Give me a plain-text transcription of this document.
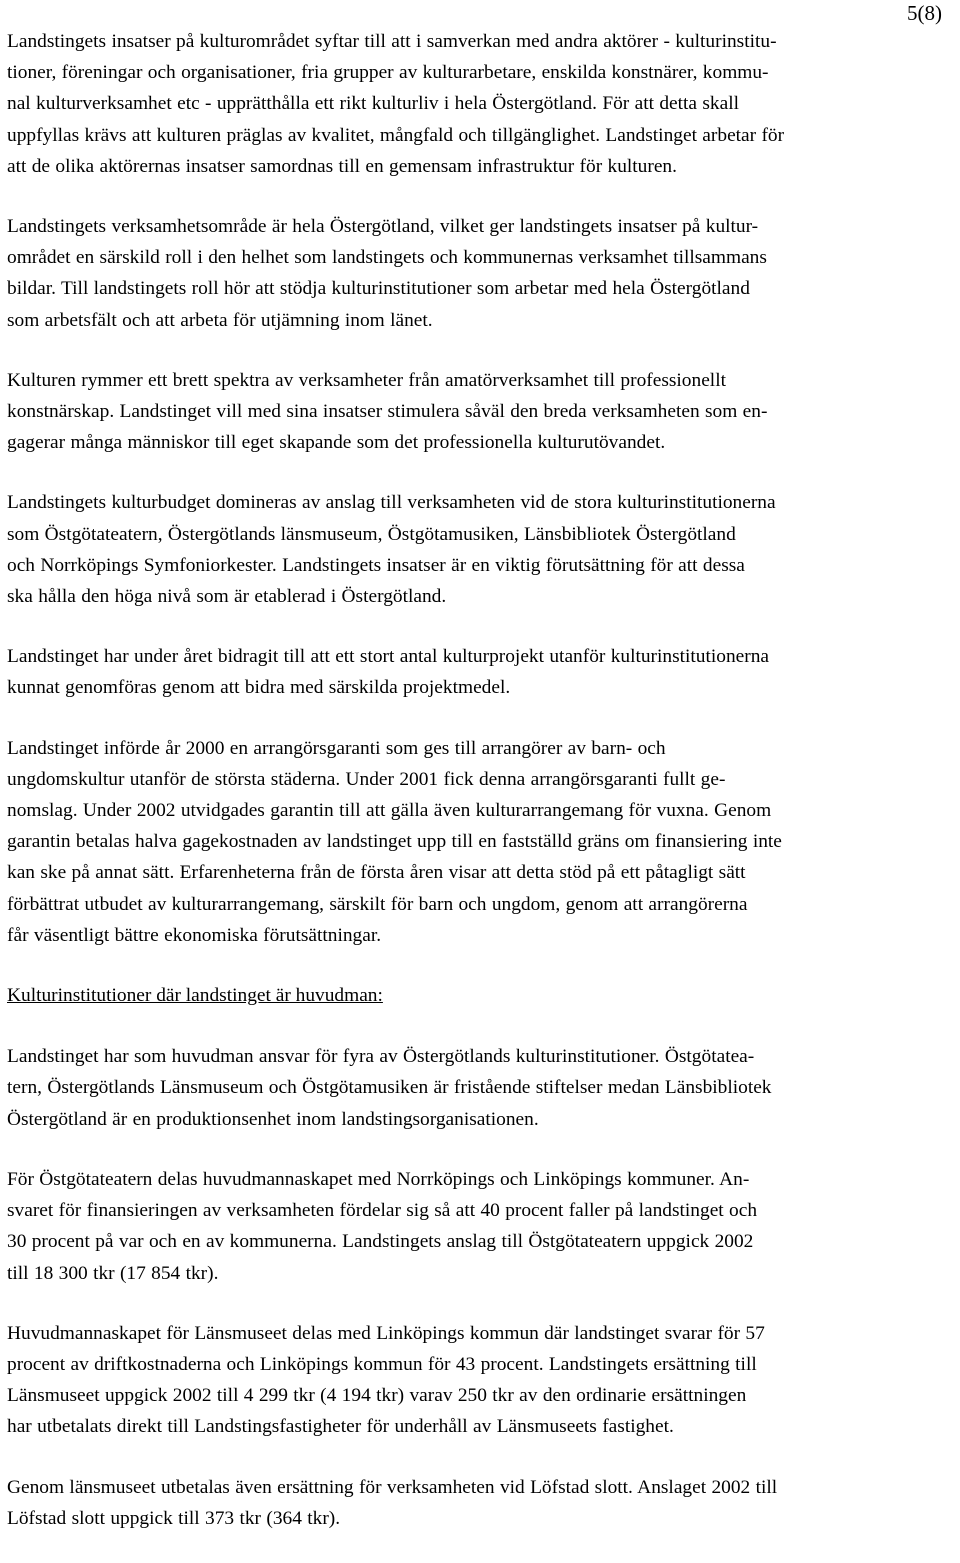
5(8)

Landstingets insatser på kulturområdet syftar till att i samverkan med andra aktörer - kulturinstitu-
tioner, föreningar och organisationer, fria grupper av kulturarbetare, enskilda konstnärer, kommu-
nal kulturverksamhet etc - upprätthålla ett rikt kulturliv i hela Östergötland. För att detta skall
uppfyllas krävs att kulturen präglas av kvalitet, mångfald och tillgänglighet. Landstinget arbetar för
att de olika aktörernas insatser samordnas till en gemensam infrastruktur för kulturen.

Landstingets verksamhetsområde är hela Östergötland, vilket ger landstingets insatser på kultur-
området en särskild roll i den helhet som landstingets och kommunernas verksamhet tillsammans
bildar. Till landstingets roll hör att stödja kulturinstitutioner som arbetar med hela Östergötland
som arbetsfält och att arbeta för utjämning inom länet.

Kulturen rymmer ett brett spektra av verksamheter från amatörverksamhet till professionellt
konstnärskap. Landstinget vill med sina insatser stimulera såväl den breda verksamheten som en-
gagerar många människor till eget skapande som det professionella kulturutövandet.

Landstingets kulturbudget domineras av anslag till verksamheten vid de stora kulturinstitutionerna
som Östgötateatern, Östergötlands länsmuseum, Östgötamusiken, Länsbibliotek Östergötland
och Norrköpings Symfoniorkester. Landstingets insatser är en viktig förutsättning för att dessa
ska hålla den höga nivå som är etablerad i Östergötland.

Landstinget har under året bidragit till att ett stort antal kulturprojekt utanför kulturinstitutionerna
kunnat genomföras genom att bidra med särskilda projektmedel.

Landstinget införde år 2000 en arrangörsgaranti som ges till arrangörer av barn- och
ungdomskultur utanför de största städerna. Under 2001 fick denna arrangörsgaranti fullt ge-
nomslag. Under 2002 utvidgades garantin till att gälla även kulturarrangemang för vuxna. Genom
garantin betalas halva gagekostnaden av landstinget upp till en fastställd gräns om finansiering inte
kan ske på annat sätt. Erfarenheterna från de första åren visar att detta stöd på ett påtagligt sätt
förbättrat utbudet av kulturarrangemang, särskilt för barn och ungdom, genom att arrangörerna
får väsentligt bättre ekonomiska förutsättningar.

Kulturinstitutioner där landstinget är huvudman:

Landstinget har som huvudman ansvar för fyra av Östergötlands kulturinstitutioner. Östgötatea-
tern, Östergötlands Länsmuseum och Östgötamusiken är fristående stiftelser medan Länsbibliotek
Östergötland är en produktionsenhet inom landstingsorganisationen.

För Östgötateatern delas huvudmannaskapet med Norrköpings och Linköpings kommuner. An-
svaret för finansieringen av verksamheten fördelar sig så att 40 procent faller på landstinget och
30 procent på var och en av kommunerna. Landstingets anslag till Östgötateatern uppgick 2002
till 18 300 tkr (17 854 tkr).

Huvudmannaskapet för Länsmuseet delas med Linköpings kommun där landstinget svarar för 57
procent av driftkostnaderna och Linköpings kommun för 43 procent. Landstingets ersättning till
Länsmuseet uppgick 2002 till 4 299 tkr (4 194 tkr) varav 250 tkr av den ordinarie ersättningen
har utbetalats direkt till Landstingsfastigheter för underhåll av Länsmuseets fastighet.

Genom länsmuseet utbetalas även ersättning för verksamheten vid Löfstad slott. Anslaget 2002 till
Löfstad slott uppgick till 373 tkr (364 tkr).
